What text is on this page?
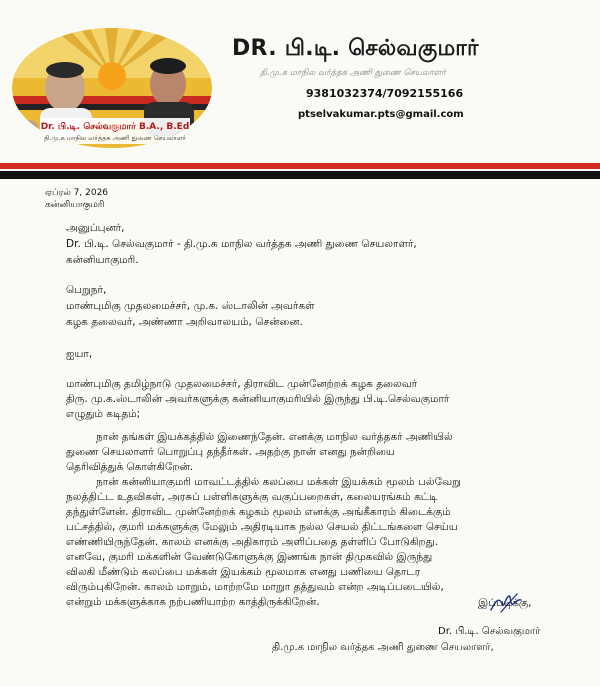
Dr. பி.டி. செல்வகுமார் B.A., B.Ed
தி.மு.க மாநில வர்த்தக அணி துணை செயலாளர்
DR. பி.டி. செல்வகுமார்
தி.மு.க மாநில வர்த்தக அணி துணை செயலாளர்
9381032374/7092155166
ptselvakumar.pts@gmail.com
ஏப்ரல் 7, 2026
கன்னியாகுமரி
அனுப்புனர்,
Dr. பி.டி. செல்வகுமார் - தி.மு.க மாநில வர்த்தக அணி துணை செயலாளர்,
கன்னியாகுமரி.
பெறுநர்,
மாண்புமிகு முதலமைச்சர், மு.க. ஸ்டாலின் அவர்கள்
கழக தலைவர், அண்ணா அறிவாலயம், சென்னை.
ஐயா,
மாண்புமிகு தமிழ்நாடு முதலமைச்சர், திராவிட முன்னேற்றக் கழக தலைவர்
திரு. மு.க.ஸ்டாலின் அவர்களுக்கு கன்னியாகுமரியில் இருந்து பி.டி.செல்வகுமார்
எழுதும் கடிதம்;
நான் தங்கள் இயக்கத்தில் இணைந்தேன். எனக்கு மாநில வர்த்தகர் அணியில்
துணை செயலாளர் பொறுப்பு தந்தீர்கள். அதற்கு நான் எனது நன்றியை
தெரிவித்துக் கொள்கிறேன்.
நான் கன்னியாகுமரி மாவட்டத்தில் கலப்பை மக்கள் இயக்கம் மூலம் பல்வேறு
நலத்திட்ட உதவிகள், அரசுப் பள்ளிகளுக்கு வகுப்பறைகள், கலையரங்கம் கட்டி
தந்துள்ளேன். திராவிட முன்னேற்றக் கழகம் மூலம் எனக்கு அங்கீகாரம் கிடைக்கும்
பட்சத்தில், குமரி மக்களுக்கு மேலும் அதிரடியாக நல்ல செயல் திட்டங்களை செய்ய
எண்ணியிருந்தேன். காலம் எனக்கு அதிகாரம் அளிப்பதை தள்ளிப் போடுகிறது.
எனவே, குமரி மக்களின் வேண்டுகோளுக்கு இணங்க நான் திமுகவில் இருந்து
விலகி மீண்டும் கலப்பை மக்கள் இயக்கம் மூலமாக எனது பணியை தொடர
விரும்புகிறேன். காலம் மாறும், மாற்றமே மாறுா தத்துவம் என்ற அடிப்படையில்,
என்றும் மக்களுக்காக நற்பணியாற்ற காத்திருக்கிறேன்.	இப்படிக்கு,
Dr. பி.டி. செல்வகுமார்
தி.மு.க மாநில வர்த்தக அணி துணை செயலாளர்,
